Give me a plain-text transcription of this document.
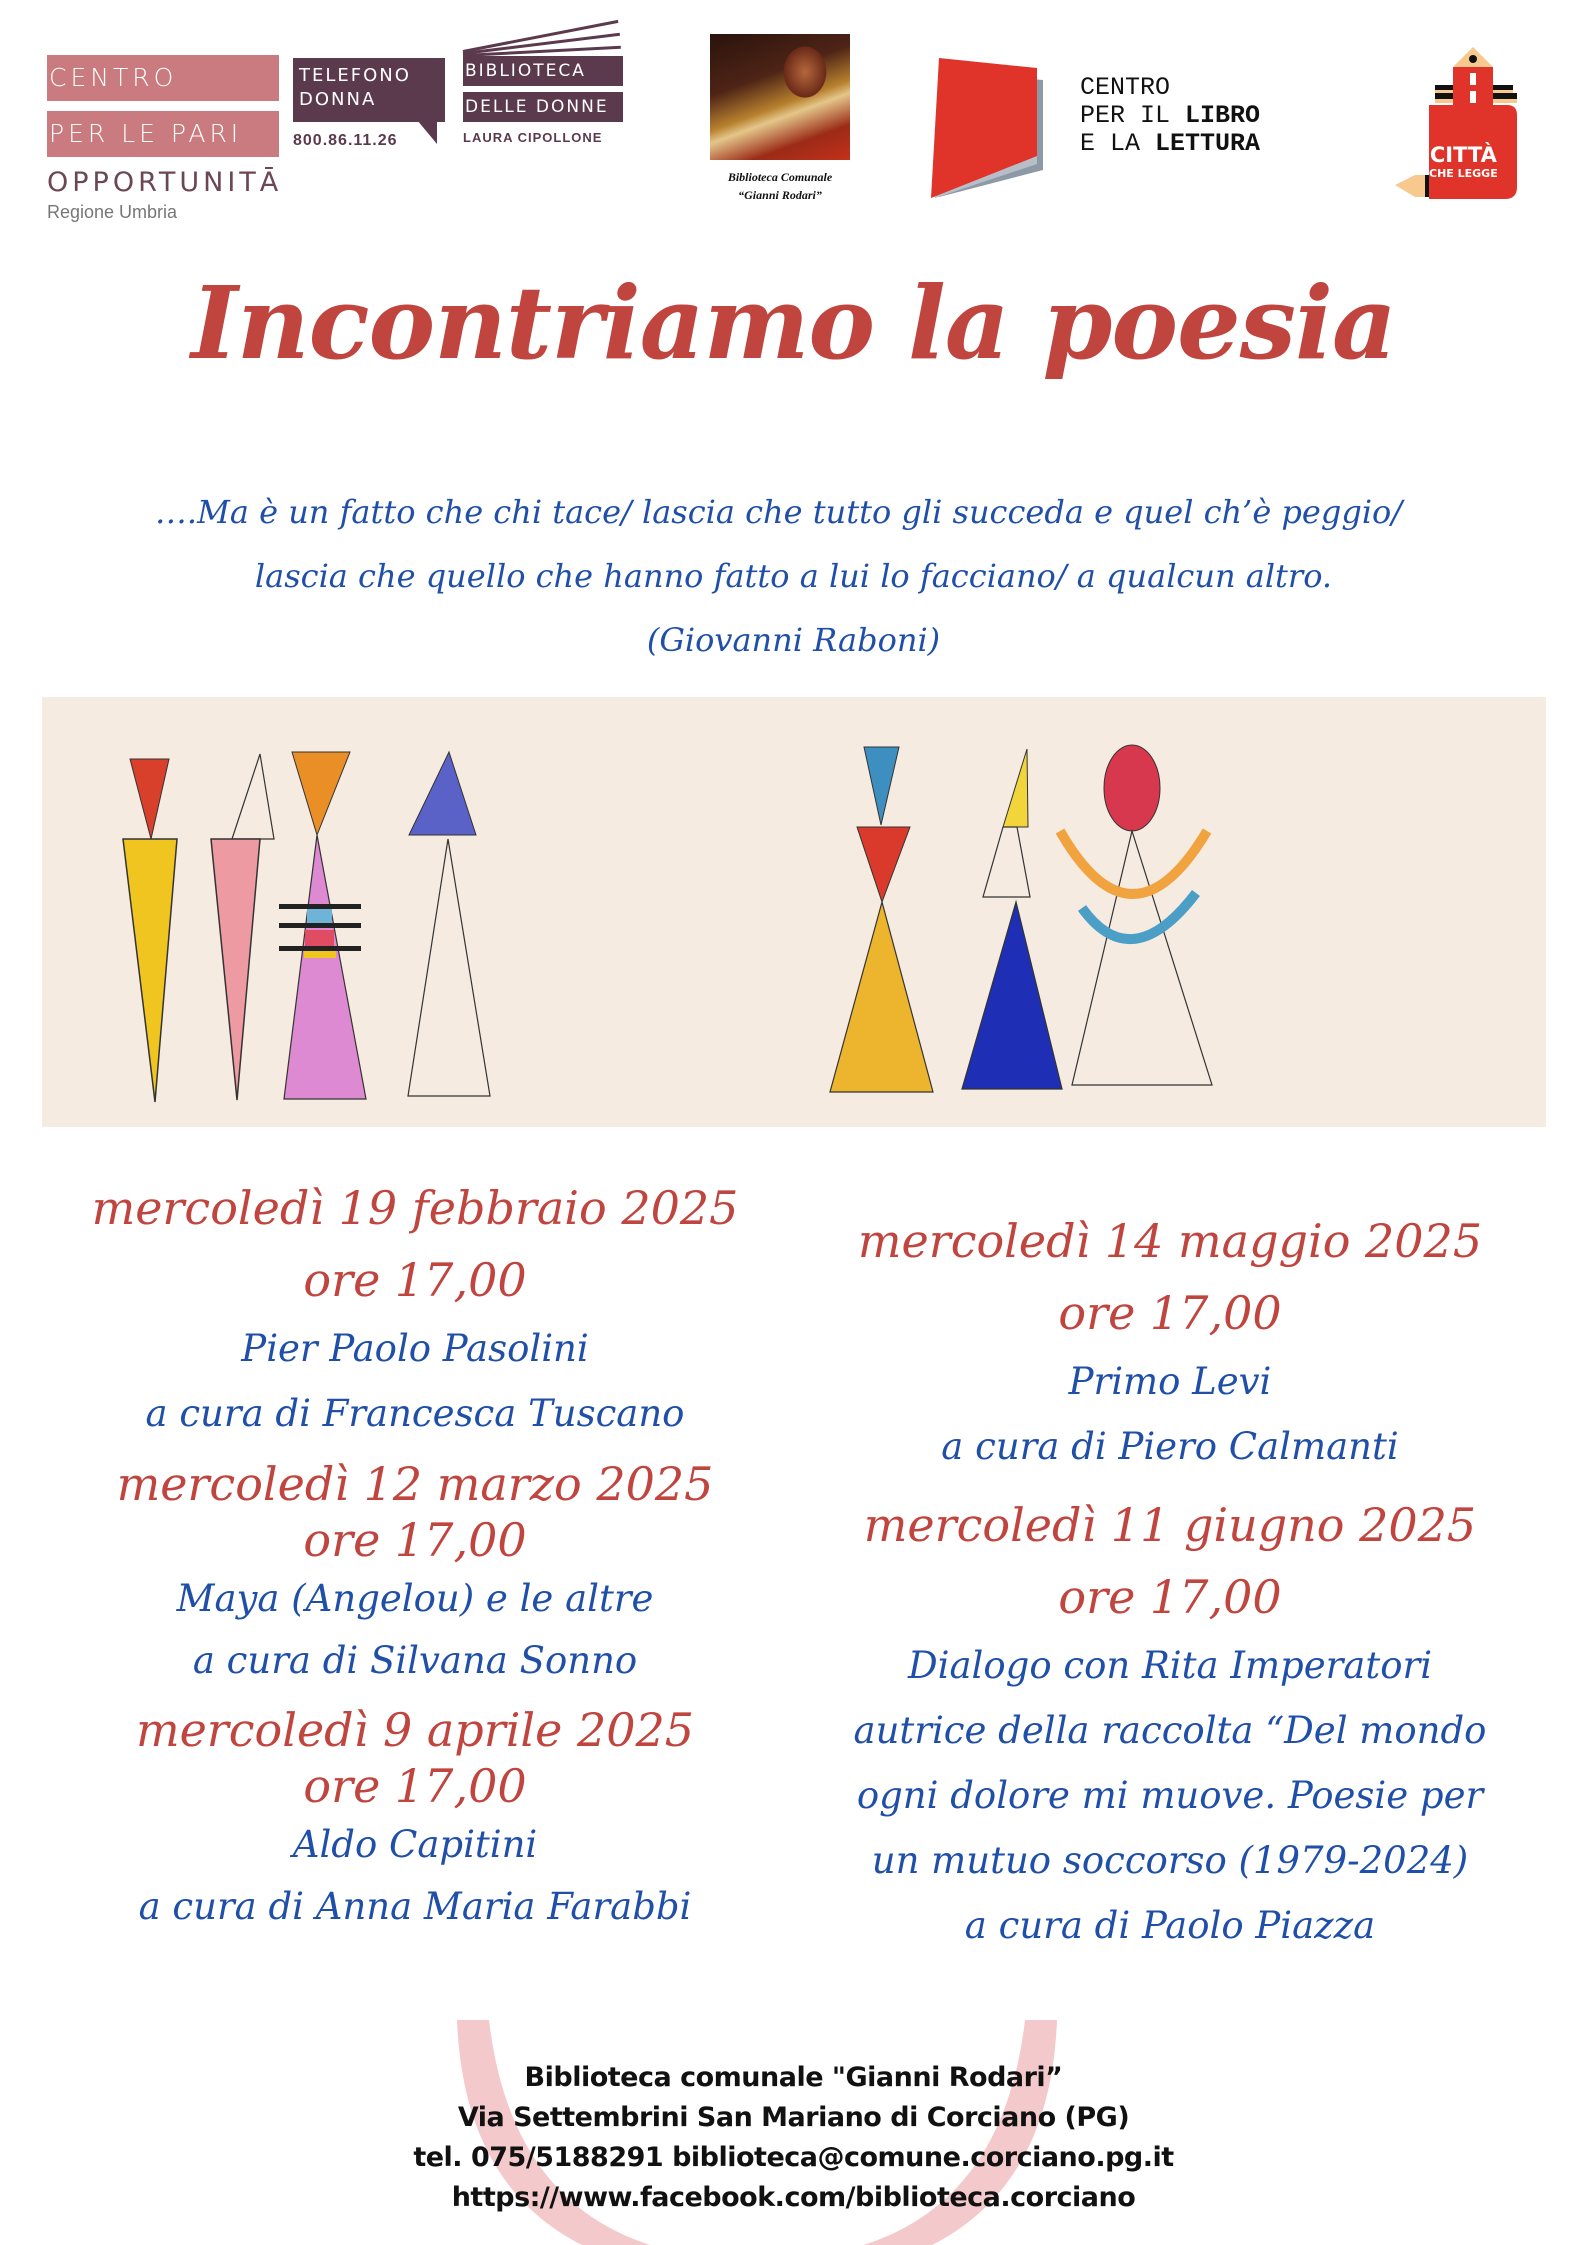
CENTRO
PER LE PARI
OPPORTUNITĀ
Regione Umbria
TELEFONO
DONNA
800.86.11.26
BIBLIOTECA
DELLE DONNE
LAURA CIPOLLONE
Biblioteca Comunale
“Gianni Rodari”
CENTRO
PER IL LIBRO
E LA LETTURA	CITTÀ
CHE LEGGE
Incontriamo la poesia
….Ma è un fatto che chi tace/ lascia che tutto gli succeda e quel ch’è peggio/
lascia che quello che hanno fatto a lui lo facciano/ a qualcun altro.
(Giovanni Raboni)
mercoledì 19 febbraio 2025
ore 17,00
Pier Paolo Pasolini
a cura di Francesca Tuscano
mercoledì 12 marzo 2025
ore 17,00
Maya (Angelou) e le altre
a cura di Silvana Sonno
mercoledì 9 aprile 2025
ore 17,00
Aldo Capitini
a cura di Anna Maria Farabbi
mercoledì 14 maggio 2025
ore 17,00
Primo Levi
a cura di Piero Calmanti
mercoledì 11 giugno 2025
ore 17,00
Dialogo con Rita Imperatori
autrice della raccolta “Del mondo
ogni dolore mi muove. Poesie per
un mutuo soccorso (1979-2024)
a cura di Paolo Piazza
Biblioteca comunale "Gianni Rodari”
Via Settembrini San Mariano di Corciano (PG)
tel. 075/5188291 biblioteca@comune.corciano.pg.it
https://www.facebook.com/biblioteca.corciano
